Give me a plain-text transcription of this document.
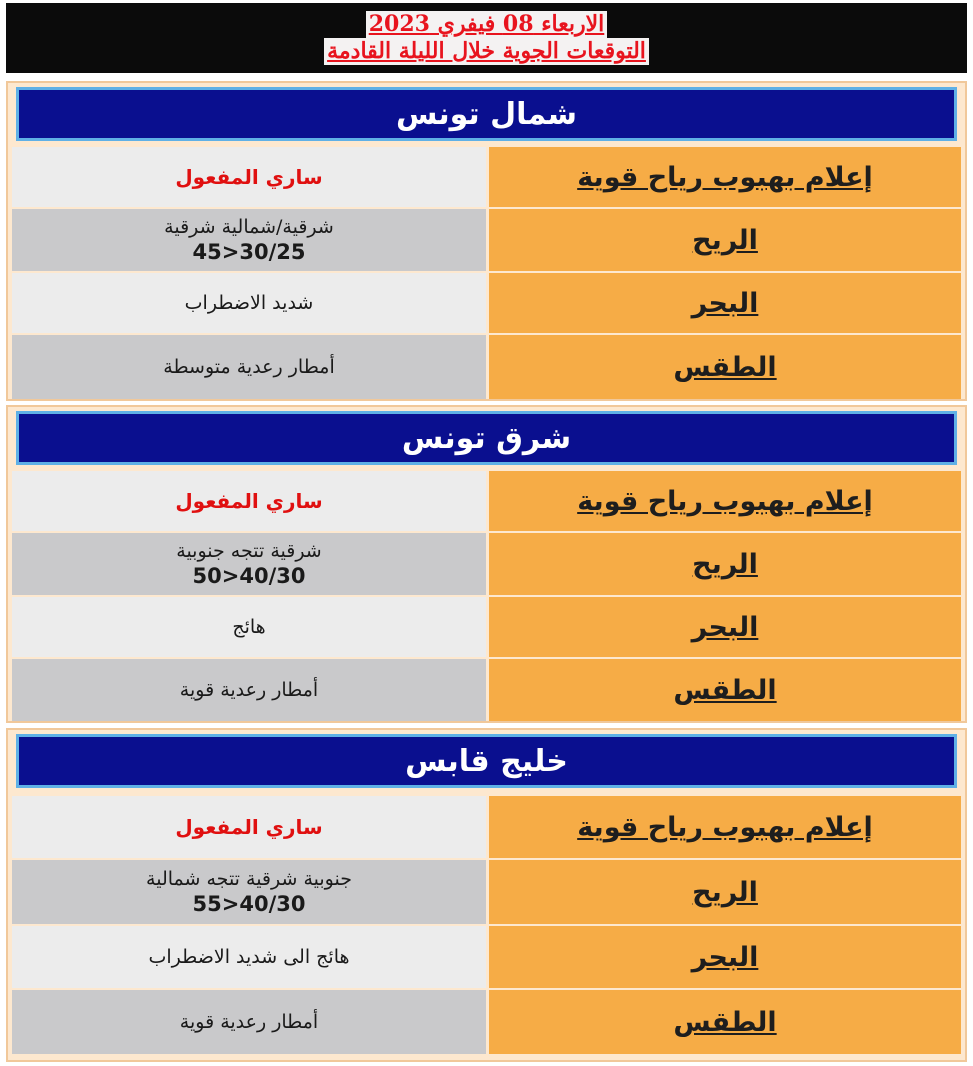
الاربعاء 08 فيفري 2023
التوقعات الجوية خلال الليلة القادمة
شمال تونس
ساري المفعول	إعلام بهبوب رياح قوية
شرقية/شمالية شرقية
45>30/25	الريح
شديد الاضطراب	البحر
أمطار رعدية متوسطة	الطقس
شرق تونس
ساري المفعول	إعلام بهبوب رياح قوية
شرقية تتجه جنوبية
50>40/30	الريح
هائج	البحر
أمطار رعدية قوية	الطقس
خليج قابس
ساري المفعول	إعلام بهبوب رياح قوية
جنوبية شرقية تتجه شمالية
55>40/30	الريح
هائج الى شديد الاضطراب	البحر
أمطار رعدية قوية	الطقس
